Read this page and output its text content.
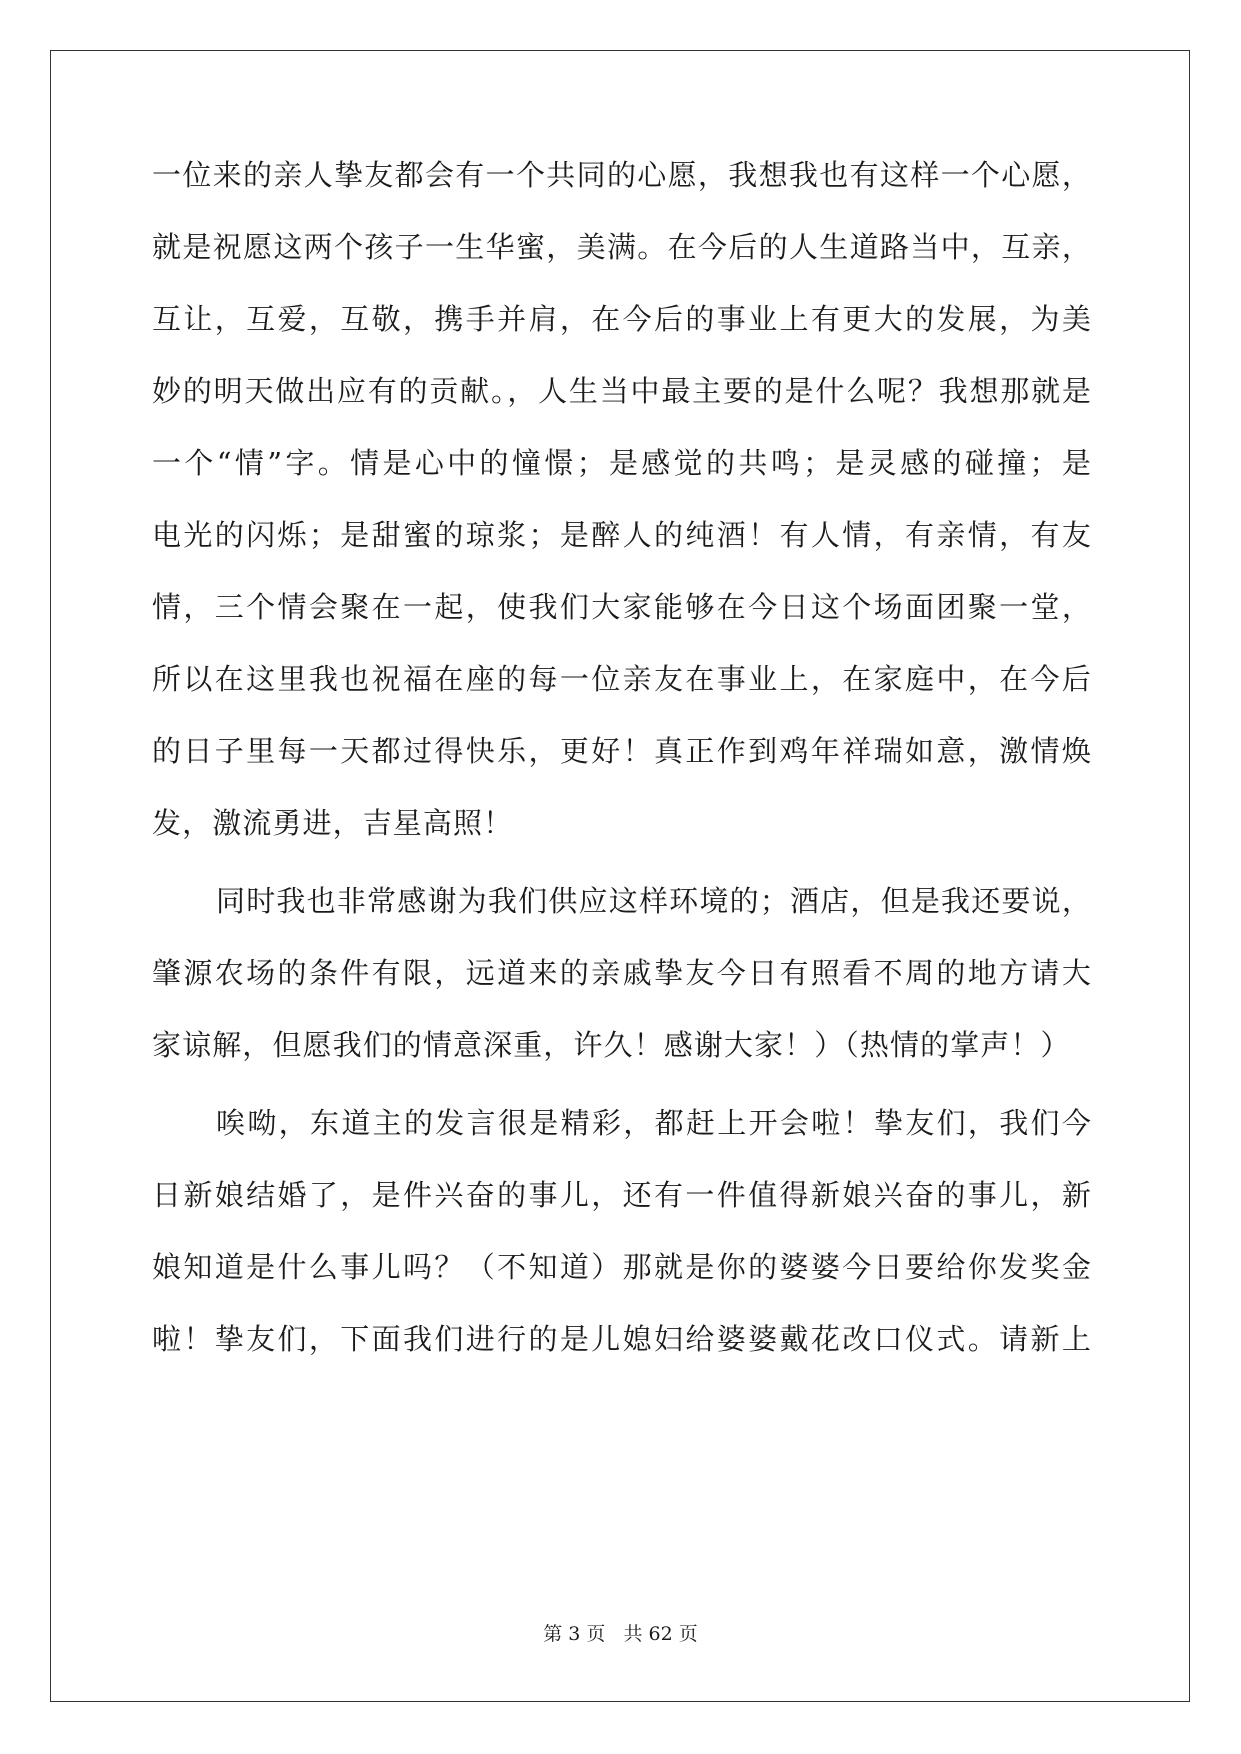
一位来的亲人挚友都会有一个共同的心愿，我想我也有这样一个心愿，
就是祝愿这两个孩子一生华蜜，美满。在今后的人生道路当中，互亲，
互让，互爱，互敬，携手并肩，在今后的事业上有更大的发展，为美
妙的明天做出应有的贡献。，人生当中最主要的是什么呢？我想那就是
一个“情”字。情是心中的憧憬；是感觉的共鸣；是灵感的碰撞；是
电光的闪烁；是甜蜜的琼浆；是醉人的纯酒！有人情，有亲情，有友
情，三个情会聚在一起，使我们大家能够在今日这个场面团聚一堂，
所以在这里我也祝福在座的每一位亲友在事业上，在家庭中，在今后
的日子里每一天都过得快乐，更好！真正作到鸡年祥瑞如意，激情焕
发，激流勇进，吉星高照！
同时我也非常感谢为我们供应这样环境的；酒店，但是我还要说，
肇源农场的条件有限，远道来的亲戚挚友今日有照看不周的地方请大
家谅解，但愿我们的情意深重，许久！感谢大家！）（热情的掌声！）
唉呦，东道主的发言很是精彩，都赶上开会啦！挚友们，我们今
日新娘结婚了，是件兴奋的事儿，还有一件值得新娘兴奋的事儿，新
娘知道是什么事儿吗？（不知道）那就是你的婆婆今日要给你发奖金
啦！挚友们，下面我们进行的是儿媳妇给婆婆戴花改口仪式。请新上
第 3 页 共 62 页
